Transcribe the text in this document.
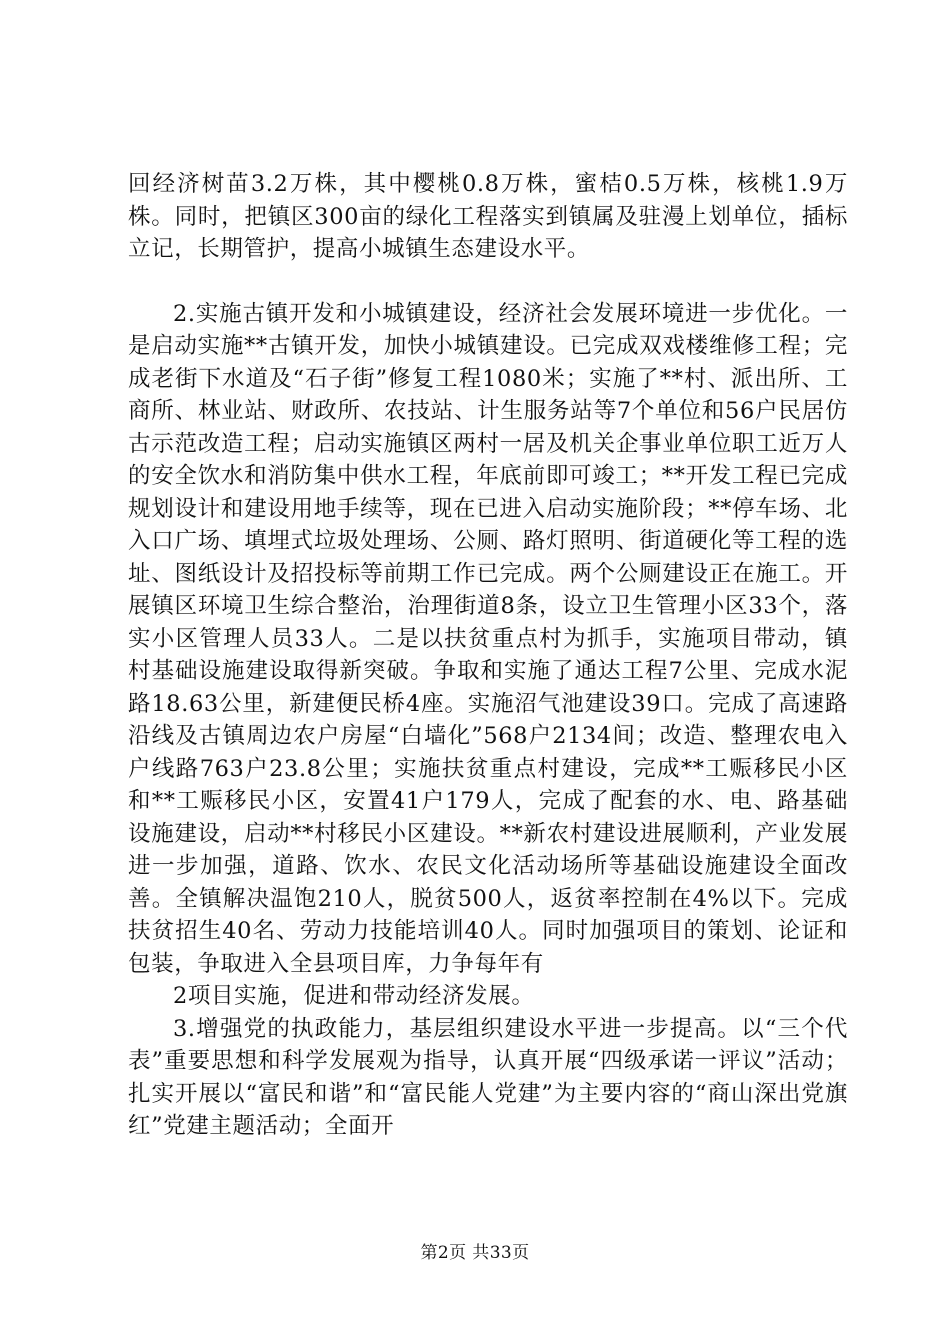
回经济树苗3.2万株，其中樱桃0.8万株，蜜桔0.5万株，核桃1.9万株。同时，把镇区300亩的绿化工程落实到镇属及驻漫上划单位，插标立记，长期管护，提高小城镇生态建设水平。

2.实施古镇开发和小城镇建设，经济社会发展环境进一步优化。一是启动实施**古镇开发，加快小城镇建设。已完成双戏楼维修工程；完成老街下水道及“石子街”修复工程1080米；实施了**村、派出所、工商所、林业站、财政所、农技站、计生服务站等7个单位和56户民居仿古示范改造工程；启动实施镇区两村一居及机关企事业单位职工近万人的安全饮水和消防集中供水工程，年底前即可竣工；**开发工程已完成规划设计和建设用地手续等，现在已进入启动实施阶段；**停车场、北入口广场、填埋式垃圾处理场、公厕、路灯照明、街道硬化等工程的选址、图纸设计及招投标等前期工作已完成。两个公厕建设正在施工。开展镇区环境卫生综合整治，治理街道8条，设立卫生管理小区33个，落实小区管理人员33人。二是以扶贫重点村为抓手，实施项目带动，镇村基础设施建设取得新突破。争取和实施了通达工程7公里、完成水泥路18.63公里，新建便民桥4座。实施沼气池建设39口。完成了高速路沿线及古镇周边农户房屋“白墙化”568户2134间；改造、整理农电入户线路763户23.8公里；实施扶贫重点村建设，完成**工赈移民小区和**工赈移民小区，安置41户179人，完成了配套的水、电、路基础设施建设，启动**村移民小区建设。**新农村建设进展顺利，产业发展进一步加强，道路、饮水、农民文化活动场所等基础设施建设全面改善。全镇解决温饱210人，脱贫500人，返贫率控制在4%以下。完成扶贫招生40名、劳动力技能培训40人。同时加强项目的策划、论证和包装，争取进入全县项目库，力争每年有

2项目实施，促进和带动经济发展。

3.增强党的执政能力，基层组织建设水平进一步提高。以“三个代表”重要思想和科学发展观为指导，认真开展“四级承诺一评议”活动；扎实开展以“富民和谐”和“富民能人党建”为主要内容的“商山深出党旗红”党建主题活动；全面开

第2页 共33页
